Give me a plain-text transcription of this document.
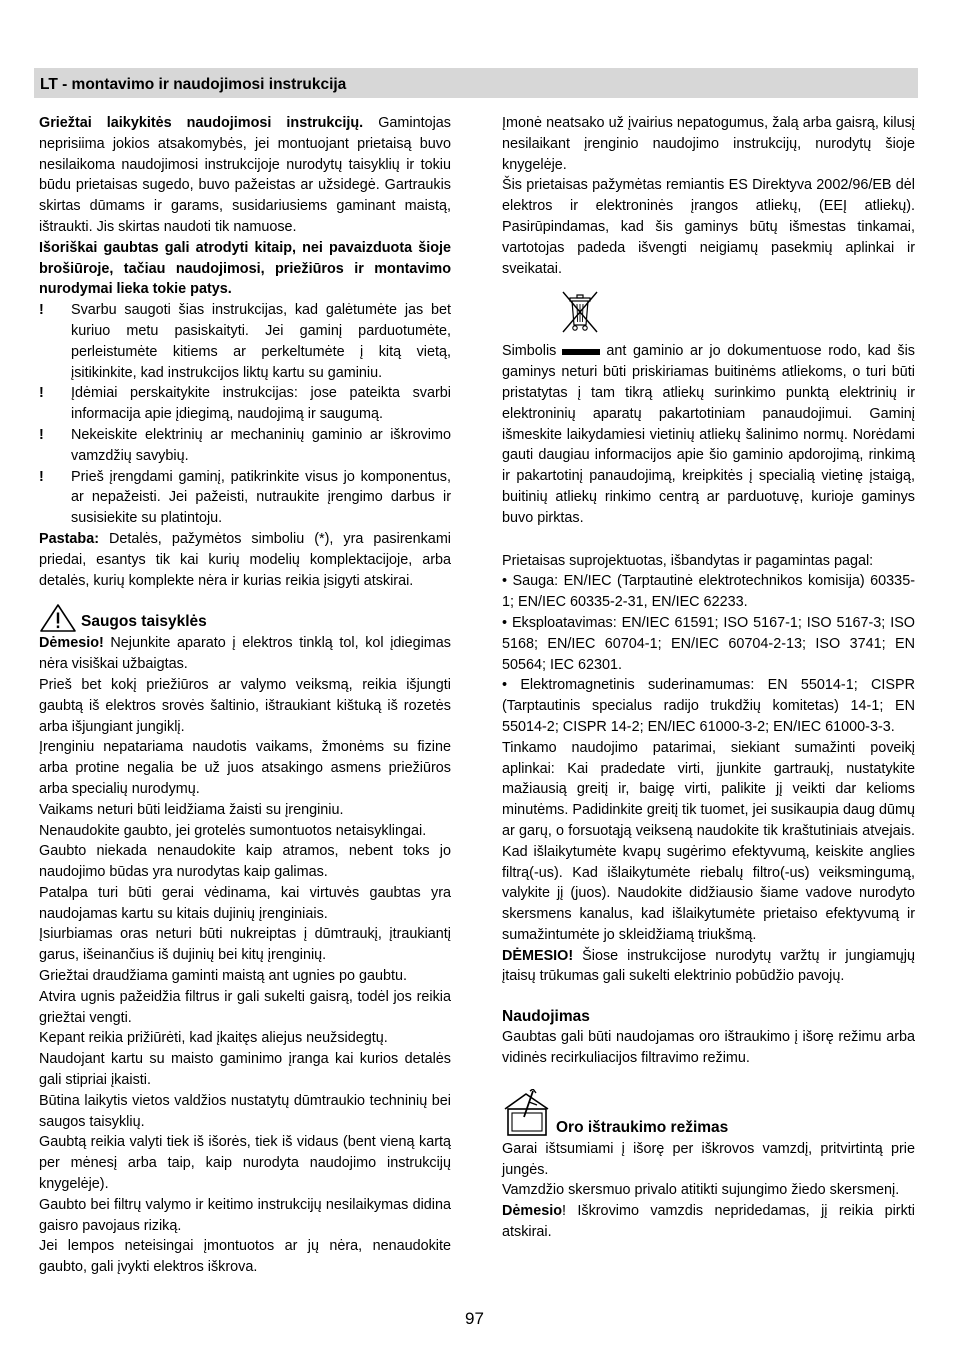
LT - montavimo ir naudojimosi instrukcija

Griežtai laikykitės naudojimosi instrukcijų. Gamintojas neprisiima jokios atsakomybės, jei montuojant prietaisą buvo nesilaikoma naudojimosi instrukcijoje nurodytų taisyklių ir tokiu būdu prietaisas sugedo, buvo pažeistas ar užsidegė. Gartraukis skirtas dūmams ir garams, susidariusiems gaminant maistą, ištraukti. Jis skirtas naudoti tik namuose.

Išoriškai gaubtas gali atrodyti kitaip, nei pavaizduota šioje brošiūroje, tačiau naudojimosi, priežiūros ir montavimo nurodymai lieka tokie patys.

!	Svarbu saugoti šias instrukcijas, kad galėtumėte jas bet kuriuo metu pasiskaityti. Jei gaminį parduotumėte, perleistumėte kitiems ar perkeltumėte į kitą vietą, įsitikinkite, kad instrukcijos liktų kartu su gaminiu.
!	Įdėmiai perskaitykite instrukcijas: jose pateikta svarbi informacija apie įdiegimą, naudojimą ir saugumą.
!	Nekeiskite elektrinių ar mechaninių gaminio ar iškrovimo vamzdžių savybių.
!	Prieš įrengdami gaminį, patikrinkite visus jo komponentus, ar nepažeisti. Jei pažeisti, nutraukite įrengimo darbus ir susisiekite su platintoju.

Pastaba: Detalės, pažymėtos simboliu (*), yra pasirenkami priedai, esantys tik kai kurių modelių komplektacijoje, arba detalės, kurių komplekte nėra ir kurias reikia įsigyti atskirai.

Saugos taisyklės

Dėmesio! Nejunkite aparato į elektros tinklą tol, kol įdiegimas nėra visiškai užbaigtas.

Prieš bet kokį priežiūros ar valymo veiksmą, reikia išjungti gaubtą iš elektros srovės šaltinio, ištraukiant kištuką iš rozetės arba išjungiant jungiklį.

Įrenginiu nepatariama naudotis vaikams, žmonėms su fizine arba protine negalia be už juos atsakingo asmens priežiūros arba specialių nurodymų.

Vaikams neturi būti leidžiama žaisti su įrenginiu.

Nenaudokite gaubto, jei grotelės sumontuotos netaisyklingai.

Gaubto niekada nenaudokite kaip atramos, nebent toks jo naudojimo būdas yra nurodytas kaip galimas.

Patalpa turi būti gerai vėdinama, kai virtuvės gaubtas yra naudojamas kartu su kitais dujinių įrenginiais.

Įsiurbiamas oras neturi būti nukreiptas į dūmtraukį, įtraukiantį garus, išeinančius iš dujinių bei kitų įrenginių.

Griežtai draudžiama gaminti maistą ant ugnies po gaubtu.

Atvira ugnis pažeidžia filtrus ir gali sukelti gaisrą, todėl jos reikia griežtai vengti.

Kepant reikia prižiūrėti, kad įkaitęs aliejus neužsidegtų.

Naudojant kartu su maisto gaminimo įranga kai kurios detalės gali stipriai įkaisti.

Būtina laikytis vietos valdžios nustatytų dūmtraukio techninių bei saugos taisyklių.

Gaubtą reikia valyti tiek iš išorės, tiek iš vidaus (bent vieną kartą per mėnesį arba taip, kaip nurodyta naudojimo instrukcijų knygelėje).

Gaubto bei filtrų valymo ir keitimo instrukcijų nesilaikymas didina gaisro pavojaus riziką.

Jei lempos neteisingai įmontuotos ar jų nėra, nenaudokite gaubto, gali įvykti elektros iškrova.

Įmonė neatsako už įvairius nepatogumus, žalą arba gaisrą, kilusį nesilaikant įrenginio naudojimo instrukcijų, nurodytų šioje knygelėje.

Šis prietaisas pažymėtas remiantis ES Direktyva 2002/96/EB dėl elektros ir elektroninės įrangos atliekų, (EEĮ atliekų). Pasirūpindamas, kad šis gaminys būtų išmestas tinkamai, vartotojas padeda išvengti neigiamų pasekmių aplinkai ir sveikatai.

Simbolis	ant gaminio ar jo dokumentuose rodo, kad šis gaminys neturi būti priskiriamas buitinėms atliekoms, o turi būti pristatytas į tam tikrą atliekų surinkimo punktą elektrinių ir elektroninių aparatų pakartotiniam panaudojimui. Gaminį išmeskite laikydamiesi vietinių atliekų šalinimo normų. Norėdami gauti daugiau informacijos apie šio gaminio apdorojimą, rinkimą ir pakartotinį panaudojimą, kreipkitės į specialią vietinę įstaigą, buitinių atliekų rinkimo centrą ar parduotuvę, kurioje gaminys buvo pirktas.

Prietaisas suprojektuotas, išbandytas ir pagamintas pagal:

• Sauga: EN/IEC (Tarptautinė elektrotechnikos komisija) 60335-1; EN/IEC 60335-2-31, EN/IEC 62233.

• Eksploatavimas: EN/IEC 61591; ISO 5167-1; ISO 5167-3; ISO 5168; EN/IEC 60704-1; EN/IEC 60704-2-13; ISO 3741; EN 50564; IEC 62301.

• Elektromagnetinis suderinamumas: EN 55014-1; CISPR (Tarptautinis specialus radijo trukdžių komitetas) 14-1; EN 55014-2; CISPR 14-2; EN/IEC 61000-3-2; EN/IEC 61000-3-3.

Tinkamo naudojimo patarimai, siekiant sumažinti poveikį aplinkai: Kai pradedate virti, įjunkite gartraukį, nustatykite mažiausią greitį ir, baigę virti, palikite jį veikti dar kelioms minutėms. Padidinkite greitį tik tuomet, jei susikaupia daug dūmų ar garų, o forsuotąją veikseną naudokite tik kraštutiniais atvejais. Kad išlaikytumėte kvapų sugėrimo efektyvumą, keiskite anglies filtrą(-us). Kad išlaikytumėte riebalų filtro(-us) veiksmingumą, valykite jį (juos). Naudokite didžiausio šiame vadove nurodyto skersmens kanalus, kad išlaikytumėte prietaiso efektyvumą ir sumažintumėte jo skleidžiamą triukšmą.

DĖMESIO! Šiose instrukcijose nurodytų varžtų ir jungiamųjų įtaisų trūkumas gali sukelti elektrinio pobūdžio pavojų.

Naudojimas

Gaubtas gali būti naudojamas oro ištraukimo į išorę režimu arba vidinės recirkuliacijos filtravimo režimu.

Oro ištraukimo režimas

Garai ištsumiami į išorę per iškrovos vamzdį, pritvirtintą prie jungės.

Vamzdžio skersmuo privalo atitikti sujungimo žiedo skersmenį.

Dėmesio! Iškrovimo vamzdis nepridedamas, jį reikia pirkti atskirai.

97
